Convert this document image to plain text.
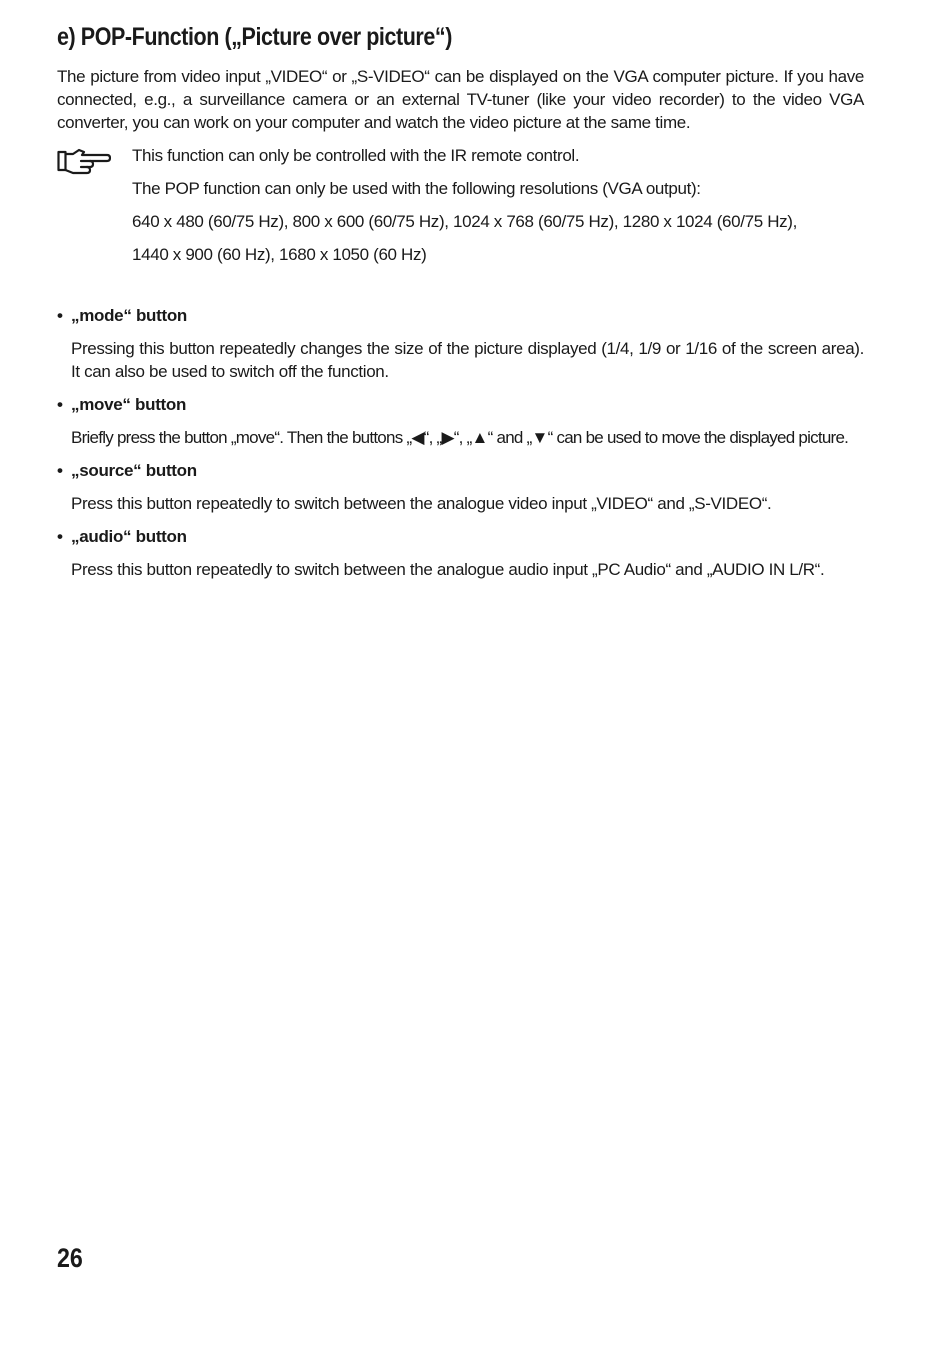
e) POP-Function („Picture over picture“)

The picture from video input „VIDEO“ or „S-VIDEO“ can be displayed on the VGA computer picture. If you have connected, e.g., a surveillance camera or an external TV-tuner (like your video recorder) to the video VGA converter, you can work on your computer and watch the video picture at the same time.

This function can only be controlled with the IR remote control.

The POP function can only be used with the following resolutions (VGA output):

640 x 480 (60/75 Hz), 800 x 600 (60/75 Hz), 1024 x 768 (60/75 Hz), 1280 x 1024 (60/75 Hz),

1440 x 900 (60 Hz), 1680 x 1050 (60 Hz)

• „mode“ button

Pressing this button repeatedly changes the size of the picture displayed (1/4, 1/9 or 1/16 of the screen area). It can also be used to switch off the function.

• „move“ button

Briefly press the button „move“. Then the buttons „◀“, „▶“, „▲“ and „▼“ can be used to move the displayed picture.

• „source“ button

Press this button repeatedly to switch between the analogue video input „VIDEO“ and „S-VIDEO“.

• „audio“ button

Press this button repeatedly to switch between the analogue audio input „PC Audio“ and „AUDIO IN L/R“.

26
